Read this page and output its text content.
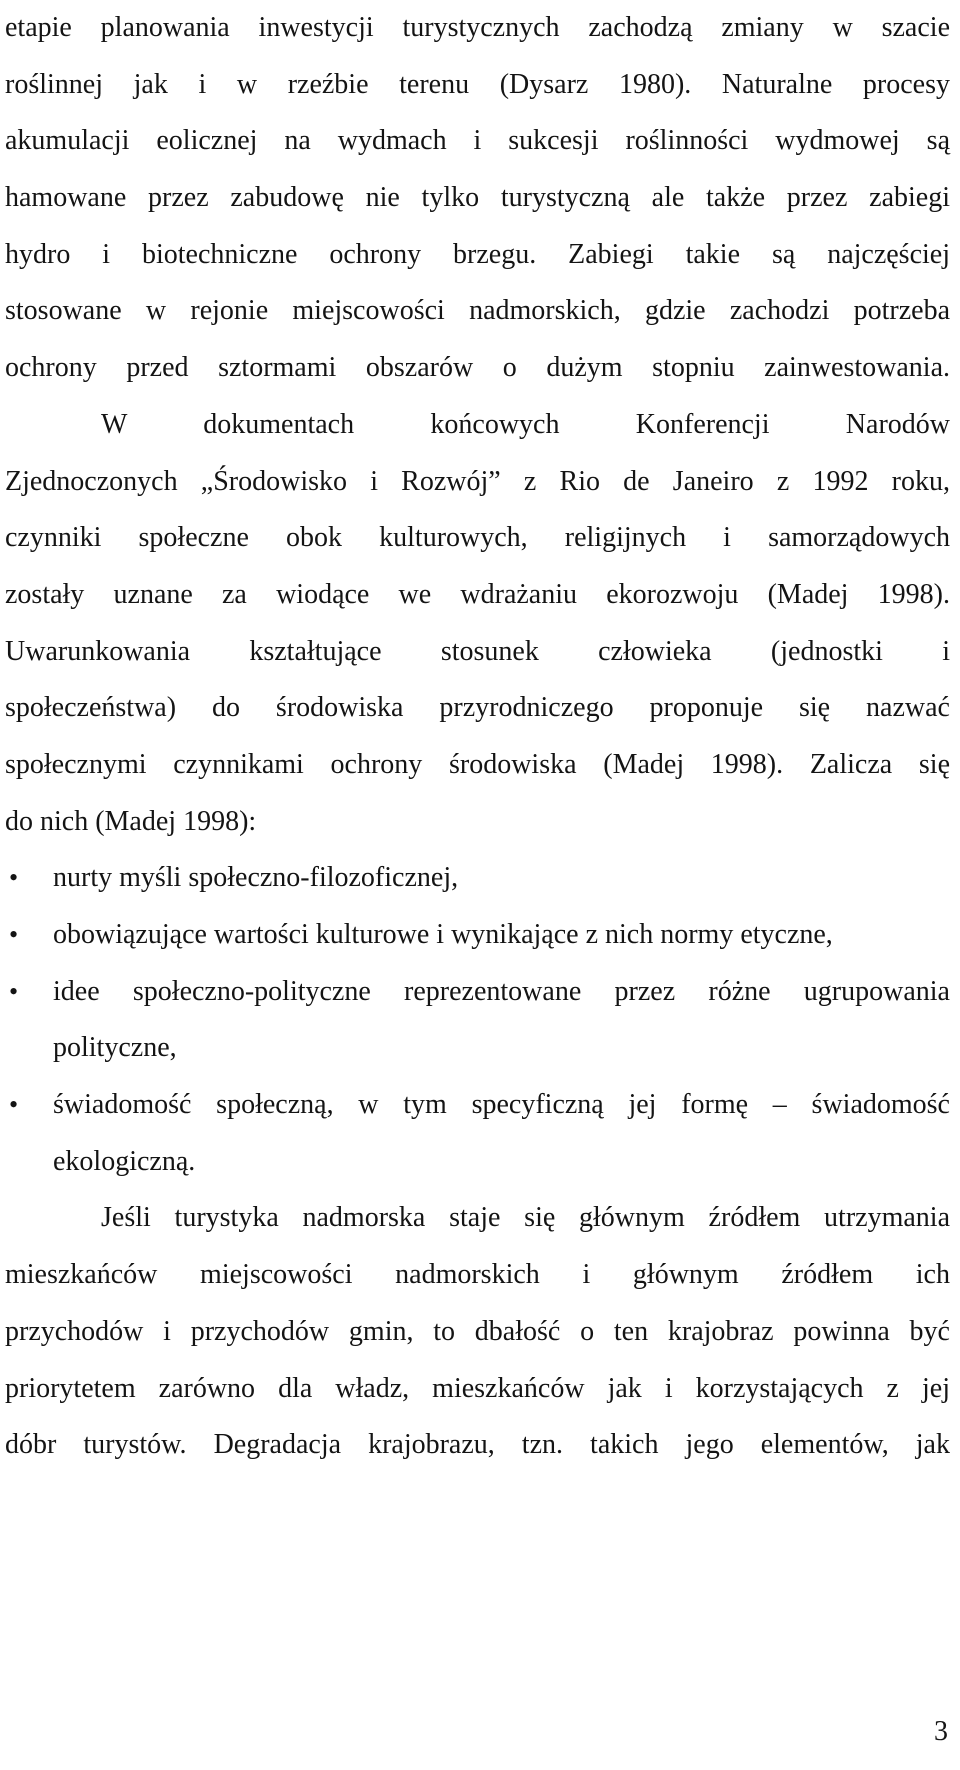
etapie planowania inwestycji turystycznych zachodzą zmiany w szacie
roślinnej jak i w rzeźbie terenu (Dysarz 1980). Naturalne procesy
akumulacji eolicznej na wydmach i sukcesji roślinności wydmowej są
hamowane przez zabudowę nie tylko turystyczną ale także przez zabiegi
hydro i biotechniczne ochrony brzegu. Zabiegi takie są najczęściej
stosowane w rejonie miejscowości nadmorskich, gdzie zachodzi potrzeba
ochrony przed sztormami obszarów o dużym stopniu zainwestowania.
W dokumentach końcowych Konferencji Narodów
Zjednoczonych „Środowisko i Rozwój” z Rio de Janeiro z 1992 roku,
czynniki społeczne obok kulturowych, religijnych i samorządowych
zostały uznane za wiodące we wdrażaniu ekorozwoju (Madej 1998).
Uwarunkowania kształtujące stosunek człowieka (jednostki i
społeczeństwa) do środowiska przyrodniczego proponuje się nazwać
społecznymi czynnikami ochrony środowiska (Madej 1998). Zalicza się
do nich (Madej 1998):
•	nurty myśli społeczno-filozoficznej,
•	obowiązujące wartości kulturowe i wynikające z nich normy etyczne,
•	idee społeczno-polityczne reprezentowane przez różne ugrupowania
polityczne,
•	świadomość społeczną, w tym specyficzną jej formę – świadomość
ekologiczną.
Jeśli turystyka nadmorska staje się głównym źródłem utrzymania
mieszkańców miejscowości nadmorskich i głównym źródłem ich
przychodów i przychodów gmin, to dbałość o ten krajobraz powinna być
priorytetem zarówno dla władz, mieszkańców jak i korzystających z jej
dóbr turystów. Degradacja krajobrazu, tzn. takich jego elementów, jak
3
